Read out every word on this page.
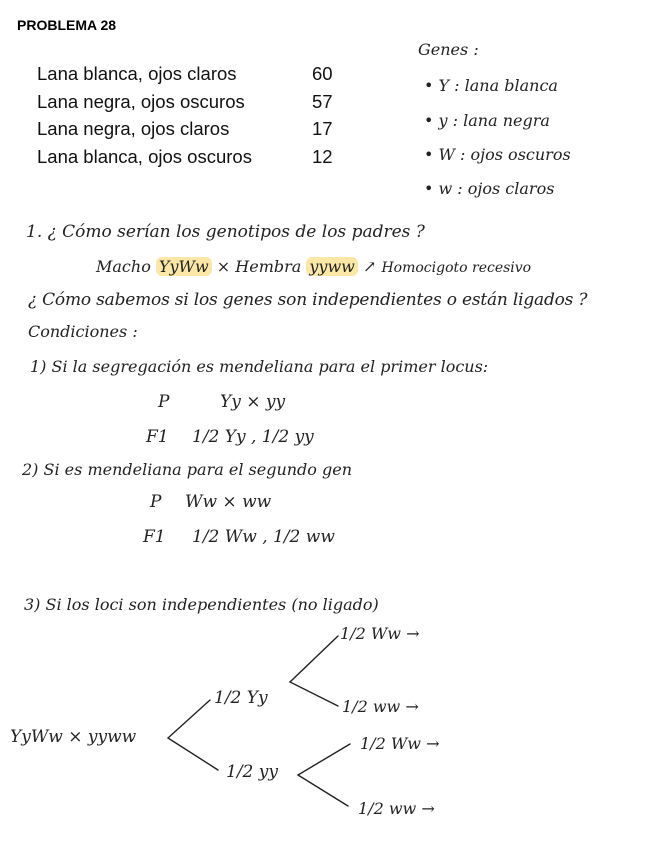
PROBLEMA 28
Lana blanca, ojos claros	60
Lana negra, ojos oscuros	57
Lana negra, ojos claros	17
Lana blanca, ojos oscuros	12
Genes :
• Y : lana blanca
• y : lana negra
• W : ojos oscuros
• w : ojos claros
1. ¿ Cómo serían los genotipos de los padres ?
Macho YyWw × Hembra yyww ↗ Homocigoto recesivo
¿ Cómo sabemos si los genes son independientes o están ligados ?
Condiciones :
1) Si la segregación es mendeliana para el primer locus:
P	Yy × yy
F1 1/2 Yy , 1/2 yy
2) Si es mendeliana para el segundo gen
P Ww × ww
F1 1/2 Ww , 1/2 ww
3) Si los loci son independientes (no ligado)
YyWw × yyww
1/2 Yy
1/2 yy
1/2 Ww →
1/2 ww →
1/2 Ww →
1/2 ww →
